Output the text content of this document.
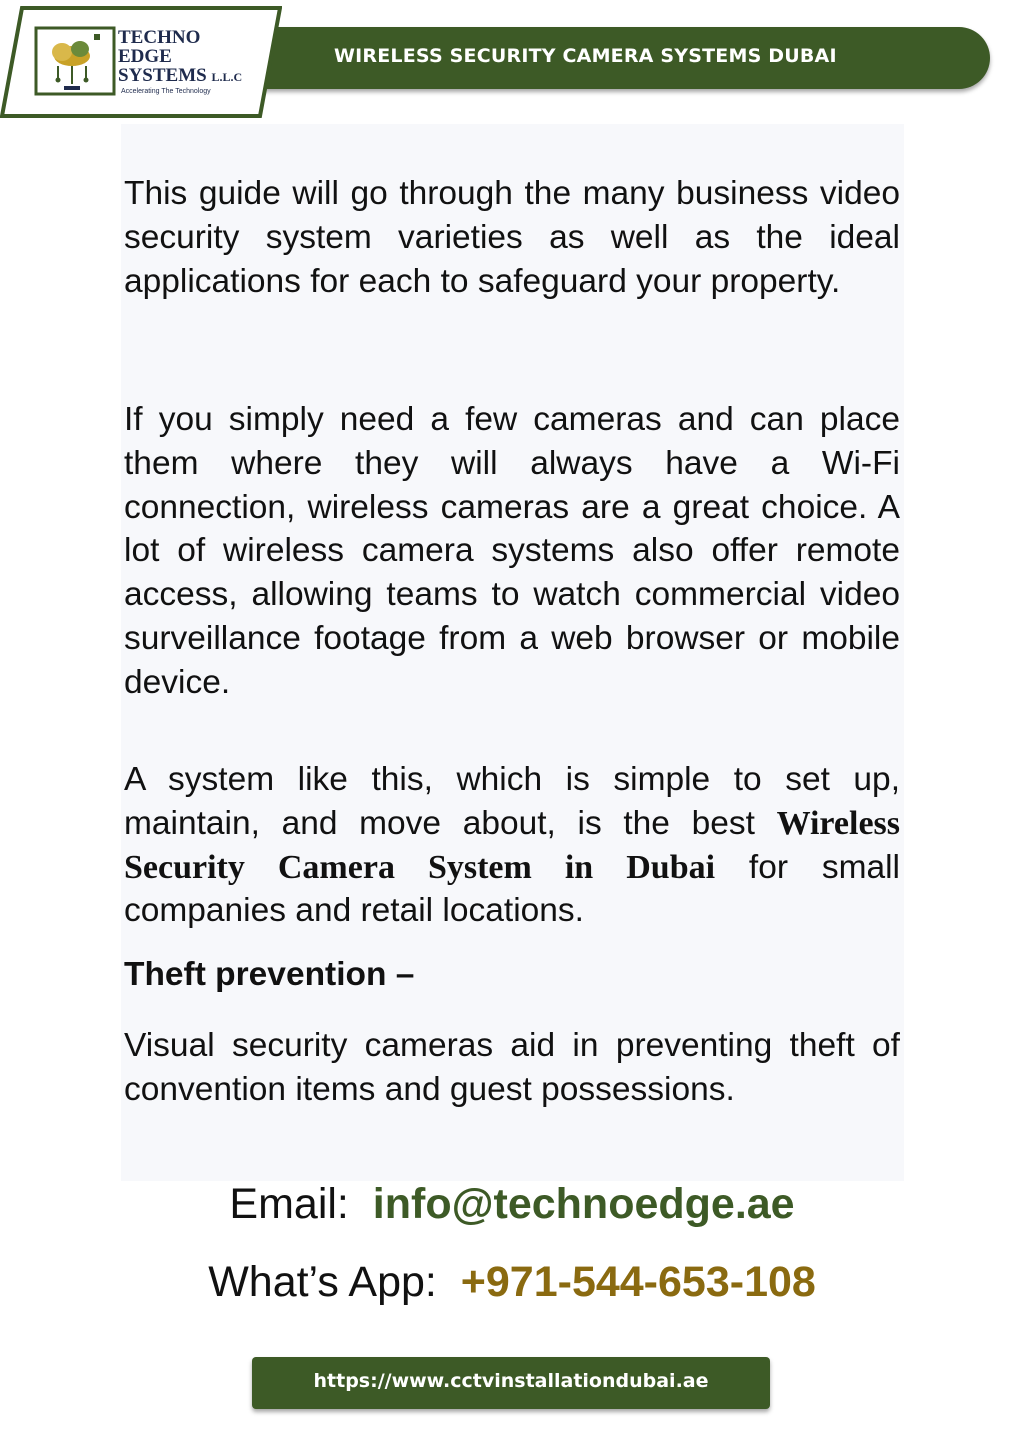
WIRELESS SECURITY CAMERA SYSTEMS DUBAI
TECHNO
EDGE
SYSTEMS L.L.C
Accelerating The Technology

This guide will go through the many business video security system varieties as well as the ideal applications for each to safeguard your property.

If you simply need a few cameras and can place them where they will always have a Wi-Fi connection, wireless cameras are a great choice. A lot of wireless camera systems also offer remote access, allowing teams to watch commercial video surveillance footage from a web browser or mobile device.

A system like this, which is simple to set up, maintain, and move about, is the best Wireless Security Camera System in Dubai for small companies and retail locations.

Theft prevention –

Visual security cameras aid in preventing theft of convention items and guest possessions.

Email: info@technoedge.ae
What’s App: +971-544-653-108
https://www.cctvinstallationdubai.ae
